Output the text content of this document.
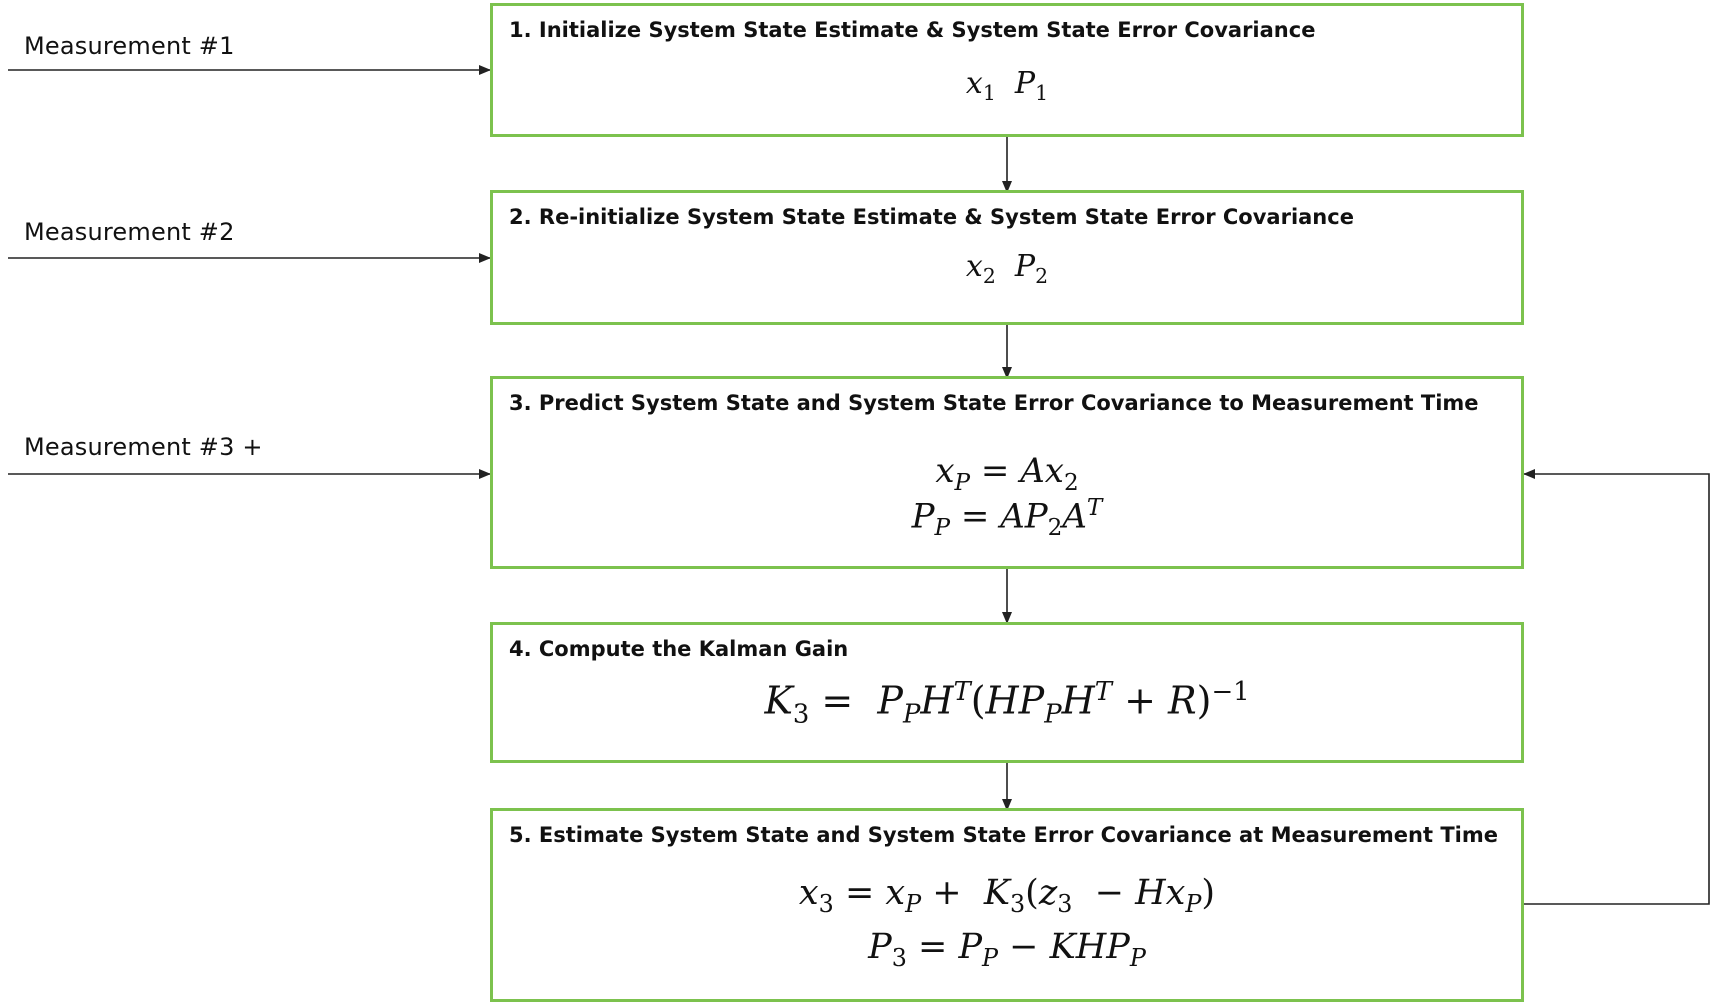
Measurement #1
Measurement #2
Measurement #3 +
1. Initialize System State Estimate & System State Error Covariance
$x_1$  $P_1$
2. Re-initialize System State Estimate & System State Error Covariance
$x_2$  $P_2$
3. Predict System State and System State Error Covariance to Measurement Time
$x_P = Ax_2$
$P_P = AP_2A^T$
4. Compute the Kalman Gain
$K_3 = P_PH^T(HP_PH^T + R)^{-1}$
5. Estimate System State and System State Error Covariance at Measurement Time
$x_3 = x_P + K_3(z_3 - Hx_P)$
$P_3 = P_P - KHP_P$
